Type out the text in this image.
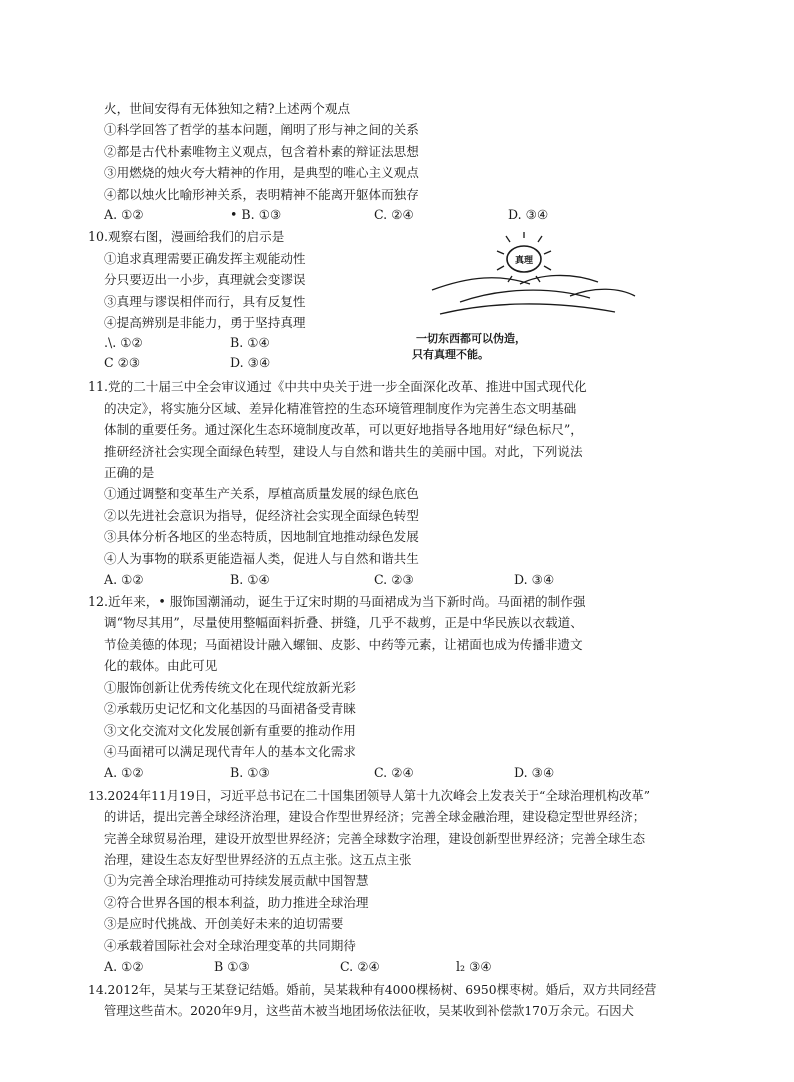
火，世间安得有无体独知之精?上述两个观点
①科学回答了哲学的基本问题，阐明了形与神之间的关系
②都是古代朴素唯物主义观点，包含着朴素的辩证法思想
③用燃烧的烛火夸大精神的作用，是典型的唯心主义观点
④都以烛火比喻形神关系，表明精神不能离开躯体而独存
A. ①②	• B. ①③	C. ②④	D. ③④
10.观察右图，漫画给我们的启示是
①追求真理需要正确发挥主观能动性
分只要迈出一小步，真理就会变谬误
③真理与谬误相伴而行，具有反复性
④提高辨别是非能力，勇于坚持真理
.\. ①②	B. ①④
C ②③	D. ③④
真理
一切东西都可以伪造，
只有真理不能。
11.党的二十届三中全会审议通过《中共中央关于进一步全面深化改革、推进中国式现代化
的决定》，将实施分区域、差异化精准管控的生态环境管理制度作为完善生态文明基础
体制的重要任务。通过深化生态环境制度改革，可以更好地指导各地用好“绿色标尺”，
推研经济社会实现全面绿色转型，建设人与自然和谐共生的美丽中国。对此，下列说法
正确的是
①通过调整和变革生产关系，厚植高质量发展的绿色底色
②以先进社会意识为指导，促经济社会实现全面绿色转型
③具体分析各地区的坐态特质，因地制宜地推动绿色发展
④人为事物的联系更能造福人类，促进人与自然和谐共生
A. ①②	B. ①④	C. ②③	D. ③④
12.近年来，• 服饰国潮涌动，诞生于辽宋时期的马面裙成为当下新时尚。马面裙的制作强
调“物尽其用”，尽量使用整幅面料折叠、拼缝，几乎不裁剪，正是中华民族以衣载道、
节俭美德的体现；马面裙设计融入螺钿、皮影、中药等元素，让裙面也成为传播非遗文
化的载体。由此可见
①服饰创新让优秀传统文化在现代绽放新光彩
②承载历史记忆和文化基因的马面裙备受青睐
③文化交流对文化发展创新有重要的推动作用
④马面裙可以满足现代青年人的基本文化需求
A. ①②	B. ①③	C. ②④	D. ③④
13.2024年11月19日，习近平总书记在二十国集团领导人第十九次峰会上发表关于“全球治理机构改革”
的讲话，提出完善全球经济治理，建设合作型世界经济；完善全球金融治理，建设稳定型世界经济；
完善全球贸易治理，建设开放型世界经济；完善全球数字治理，建设创新型世界经济；完善全球生态
治理，建设生态友好型世界经济的五点主张。这五点主张
①为完善全球治理推动可持续发展贡献中国智慧
②符合世界各国的根本利益，助力推进全球治理
③是应时代挑战、开创美好未来的迫切需要
④承载着国际社会对全球治理变革的共同期待
A. ①②	B ①③	C. ②④	l₂ ③④
14.2012年，吴某与王某登记结婚。婚前，吴某栽种有4000棵杨树、6950棵枣树。婚后，双方共同经营
管理这些苗木。2020年9月，这些苗木被当地团场依法征收，吴某收到补偿款170万余元。石因犬
